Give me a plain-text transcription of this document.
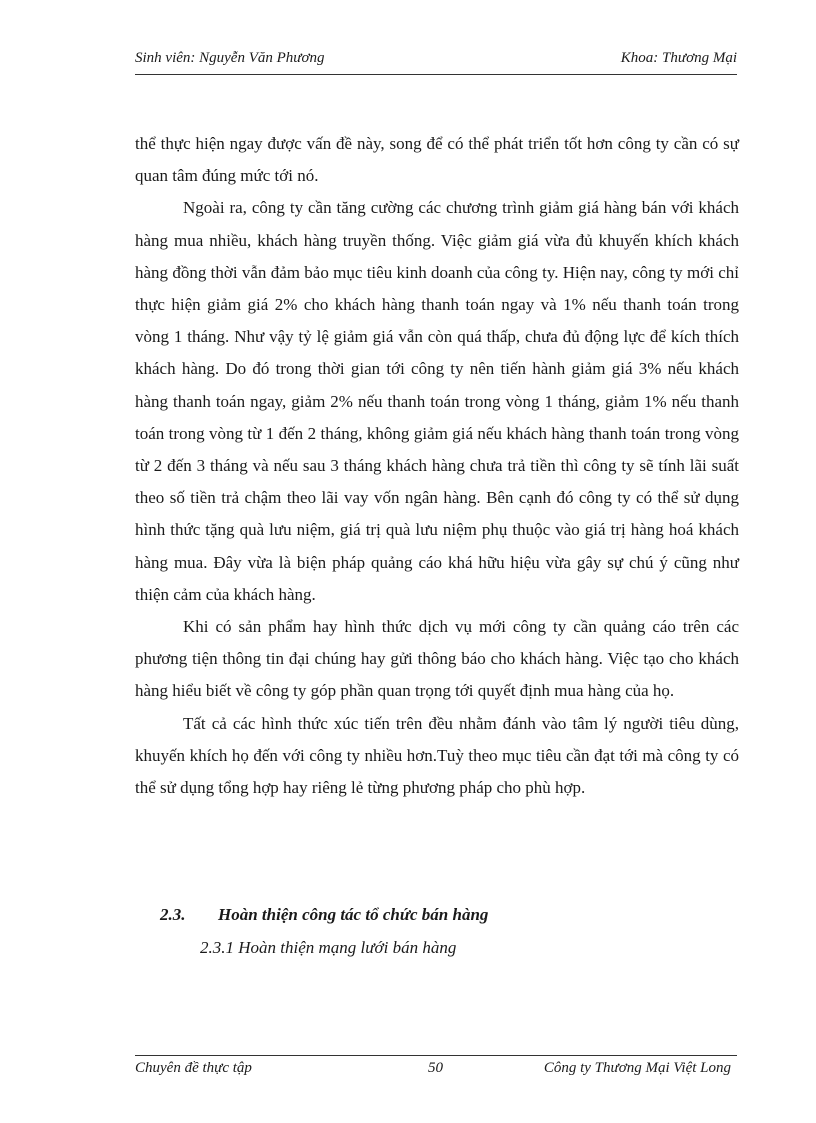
Sinh viên: Nguyễn Văn Phương	Khoa: Thương Mại

thể thực hiện ngay được vấn đề này, song để có thể phát triển tốt hơn công ty cần có sự quan tâm đúng mức tới nó.

Ngoài ra, công ty cần tăng cường các chương trình giảm giá hàng bán với khách hàng mua nhiều, khách hàng truyền thống. Việc giảm giá vừa đủ khuyến khích khách hàng đồng thời vẫn đảm bảo mục tiêu kinh doanh của công ty. Hiện nay, công ty mới chỉ thực hiện giảm giá 2% cho khách hàng thanh toán ngay và 1% nếu thanh toán trong vòng 1 tháng. Như vậy tỷ lệ giảm giá vẫn còn quá thấp, chưa đủ động lực để kích thích khách hàng. Do đó trong thời gian tới công ty nên tiến hành giảm giá 3% nếu khách hàng thanh toán ngay, giảm 2% nếu thanh toán trong vòng 1 tháng, giảm 1% nếu thanh toán trong vòng từ 1 đến 2 tháng, không giảm giá nếu khách hàng thanh toán trong vòng từ 2 đến 3 tháng và nếu sau 3 tháng khách hàng chưa trả tiền thì công ty sẽ tính lãi suất theo số tiền trả chậm theo lãi vay vốn ngân hàng. Bên cạnh đó công ty có thể sử dụng hình thức tặng quà lưu niệm, giá trị quà lưu niệm phụ thuộc vào giá trị hàng hoá khách hàng mua. Đây vừa là biện pháp quảng cáo khá hữu hiệu vừa gây sự chú ý cũng như thiện cảm của khách hàng.

Khi có sản phẩm hay hình thức dịch vụ mới công ty cần quảng cáo trên các phương tiện thông tin đại chúng hay gửi thông báo cho khách hàng. Việc tạo cho khách hàng hiểu biết về công ty góp phần quan trọng tới quyết định mua hàng của họ.

Tất cả các hình thức xúc tiến trên đều nhằm đánh vào tâm lý người tiêu dùng, khuyến khích họ đến với công ty nhiều hơn.Tuỳ theo mục tiêu cần đạt tới mà công ty có thể sử dụng tổng hợp hay riêng lẻ từng phương pháp cho phù hợp.

2.3. Hoàn thiện công tác tổ chức bán hàng
2.3.1 Hoàn thiện mạng lưới bán hàng
Chuyên đề thực tập	50	Công ty Thương Mại Việt Long
